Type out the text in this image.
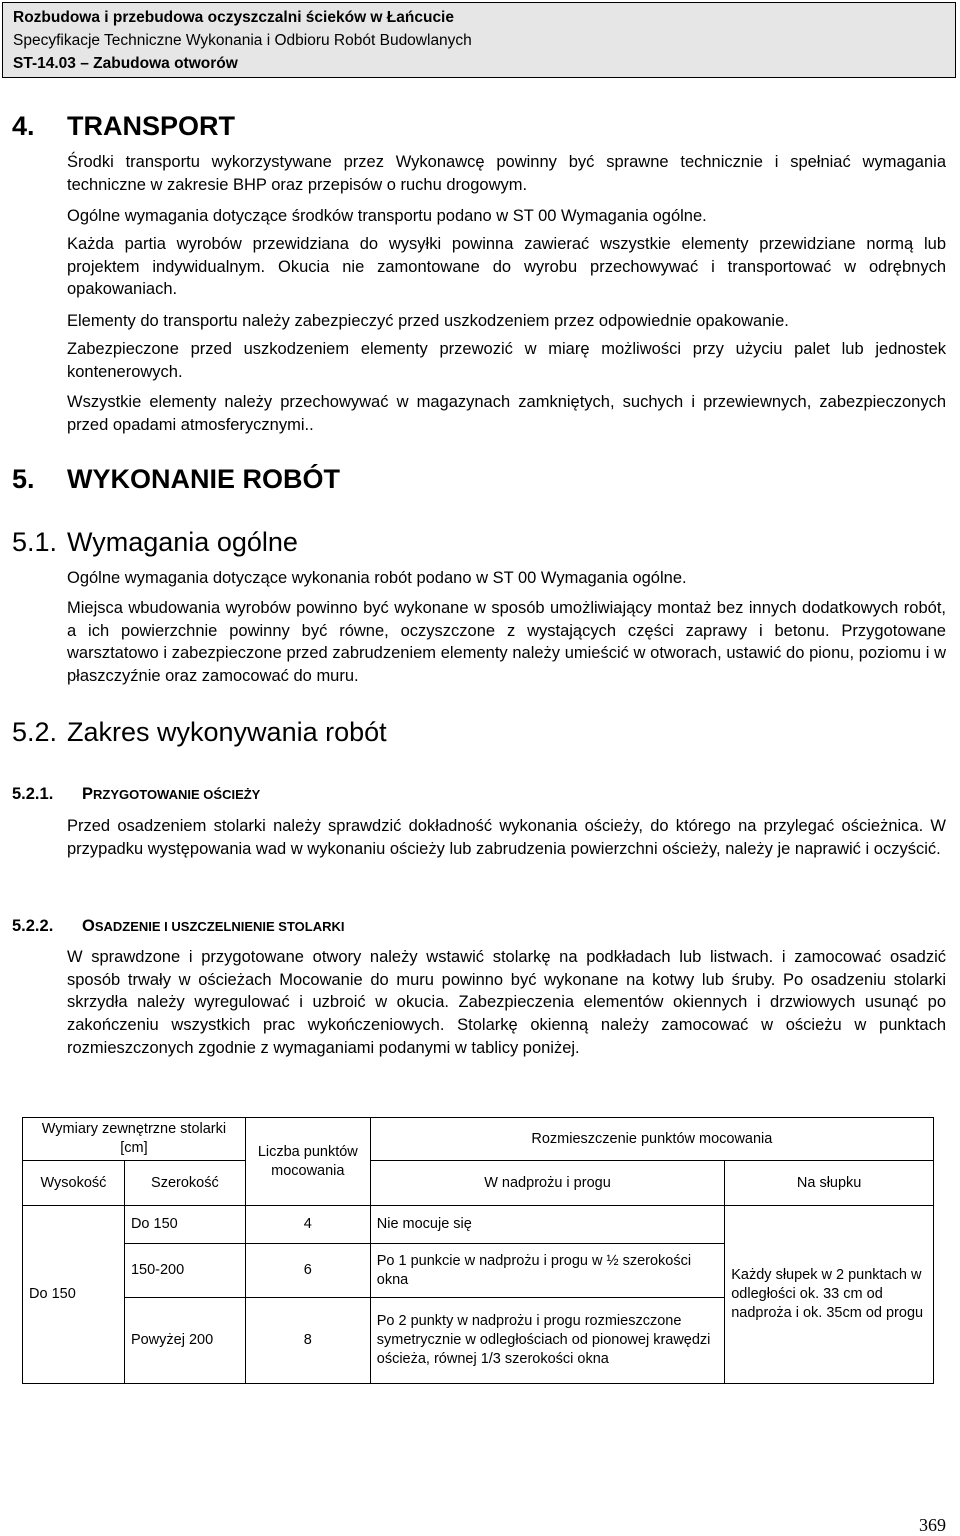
Rozbudowa i przebudowa oczyszczalni ścieków w Łańcucie
Specyfikacje Techniczne Wykonania i Odbioru Robót Budowlanych
ST-14.03 – Zabudowa otworów
4. TRANSPORT
Środki transportu wykorzystywane przez Wykonawcę powinny być sprawne technicznie i spełniać wymagania techniczne w zakresie BHP oraz przepisów o ruchu drogowym.
Ogólne wymagania dotyczące środków transportu podano w ST 00 Wymagania ogólne.
Każda partia wyrobów przewidziana do wysyłki powinna zawierać wszystkie elementy przewidziane normą lub projektem indywidualnym. Okucia nie zamontowane do wyrobu przechowywać i transportować w odrębnych opakowaniach.
Elementy do transportu należy zabezpieczyć przed uszkodzeniem przez odpowiednie opakowanie.
Zabezpieczone przed uszkodzeniem elementy przewozić w miarę możliwości przy użyciu palet lub jednostek kontenerowych.
Wszystkie elementy należy przechowywać w magazynach zamkniętych, suchych i przewiewnych, zabezpieczonych przed opadami atmosferycznymi..
5. WYKONANIE ROBÓT
5.1. Wymagania ogólne
Ogólne wymagania dotyczące wykonania robót podano w ST 00 Wymagania ogólne.
Miejsca wbudowania wyrobów powinno być wykonane w sposób umożliwiający montaż bez innych dodatkowych robót, a ich powierzchnie powinny być równe, oczyszczone z wystających części zaprawy i betonu. Przygotowane warsztatowo i zabezpieczone przed zabrudzeniem elementy należy umieścić w otworach, ustawić do pionu, poziomu i w płaszczyźnie oraz zamocować do muru.
5.2. Zakres wykonywania robót
5.2.1. PRZYGOTOWANIE OŚCIEŻY
Przed osadzeniem stolarki należy sprawdzić dokładność wykonania ościeży, do którego na przylegać ościeżnica. W przypadku występowania wad w wykonaniu ościeży lub zabrudzenia powierzchni ościeży, należy je naprawić i oczyścić.
5.2.2. OSADZENIE I USZCZELNIENIE STOLARKI
W sprawdzone i przygotowane otwory należy wstawić stolarkę na podkładach lub listwach. i zamocować osadzić sposób trwały w ościeżach Mocowanie do muru powinno być wykonane na kotwy lub śruby. Po osadzeniu stolarki skrzydła należy wyregulować i uzbroić w okucia. Zabezpieczenia elementów okiennych i drzwiowych usunąć po zakończeniu wszystkich prac wykończeniowych. Stolarkę okienną należy zamocować w ościeżu w punktach rozmieszczonych zgodnie z wymaganiami podanymi w tablicy poniżej.
Wymiary zewnętrzne stolarki [cm]		Liczba punktów mocowania	Rozmieszczenie punktów mocowania	
Wysokość	Szerokość		W nadprożu i progu	Na słupku
Do 150	Do 150	4	Nie mocuje się	Każdy słupek w 2 punktach w odległości ok. 33 cm od nadproża i ok. 35cm od progu
	150-200	6	Po 1 punkcie w nadprożu i progu w ½ szerokości okna	
	Powyżej 200	8	Po 2 punkty w nadprożu i progu rozmieszczone symetrycznie w odległościach od pionowej krawędzi ościeża, równej 1/3 szerokości okna	
369
